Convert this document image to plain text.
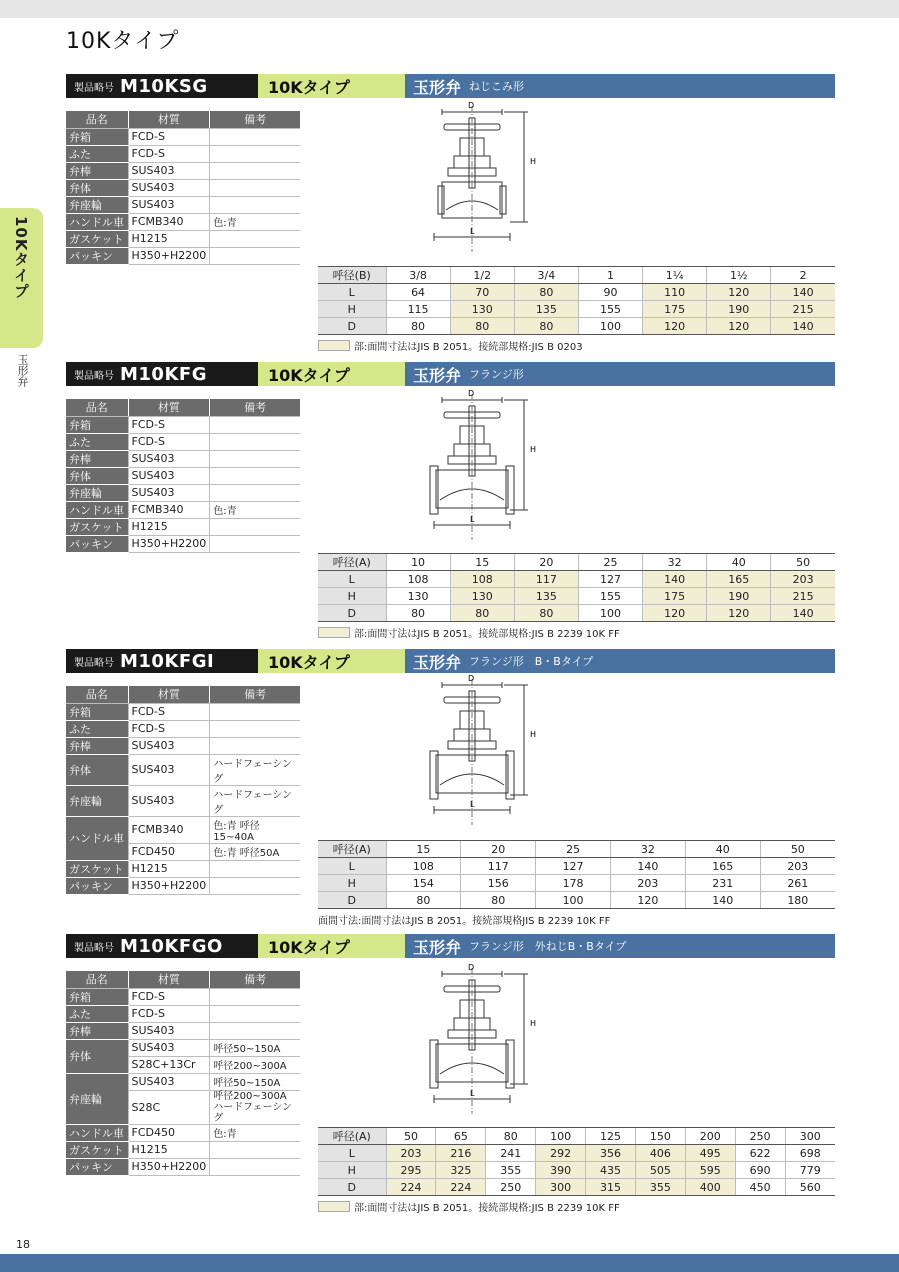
10Kタイプ
10Kタイプ
玉形弁
製品略号 M10KSG	10Kタイプ	玉形弁 ねじこみ形
品名	材質	備考
弁箱	FCD-S	
ふた	FCD-S	
弁棒	SUS403	
弁体	SUS403	
弁座輪	SUS403	
ハンドル車	FCMB340	色:青
ガスケット	H1215	
パッキン	H350+H2200	
D
H
L
呼径(B)	3/8	1/2	3/4	1	1¼	1½	2
L	64	70	80	90	110	120	140
H	115	130	135	155	175	190	215
D	80	80	80	100	120	120	140
部:面間寸法はJIS B 2051。接続部規格:JIS B 0203
製品略号 M10KFG	10Kタイプ	玉形弁 フランジ形
品名	材質	備考
弁箱	FCD-S	
ふた	FCD-S	
弁棒	SUS403	
弁体	SUS403	
弁座輪	SUS403	
ハンドル車	FCMB340	色:青
ガスケット	H1215	
パッキン	H350+H2200	
D
H
L
呼径(A)	10	15	20	25	32	40	50
L	108	108	117	127	140	165	203
H	130	130	135	155	175	190	215
D	80	80	80	100	120	120	140
部:面間寸法はJIS B 2051。接続部規格:JIS B 2239 10K FF
製品略号 M10KFGI	10Kタイプ	玉形弁 フランジ形　B・Bタイプ
品名	材質	備考
弁箱	FCD-S	
ふた	FCD-S	
弁棒	SUS403	
弁体	SUS403	ハードフェーシング
弁座輪	SUS403	ハードフェーシング
ハンドル車	FCMB340	色:青 呼径15~40A
	FCD450	色:青 呼径50A
ガスケット	H1215	
パッキン	H350+H2200	
D
H
L
呼径(A)	15	20	25	32	40	50
L	108	117	127	140	165	203
H	154	156	178	203	231	261
D	80	80	100	120	140	180
面間寸法:面間寸法はJIS B 2051。接続部規格JIS B 2239 10K FF
製品略号 M10KFGO	10Kタイプ	玉形弁 フランジ形　外ねじB・Bタイプ
品名	材質	備考
弁箱	FCD-S	
ふた	FCD-S	
弁棒	SUS403	
弁体	SUS403	呼径50~150A
	S28C+13Cr	呼径200~300A
弁座輪	SUS403	呼径50~150A
	S28C	呼径200~300A ハードフェーシング
ハンドル車	FCD450	色:青
ガスケット	H1215	
パッキン	H350+H2200	
D
H
L
呼径(A)	50	65	80	100	125	150	200	250	300
L	203	216	241	292	356	406	495	622	698
H	295	325	355	390	435	505	595	690	779
D	224	224	250	300	315	355	400	450	560
部:面間寸法はJIS B 2051。接続部規格:JIS B 2239 10K FF
18
